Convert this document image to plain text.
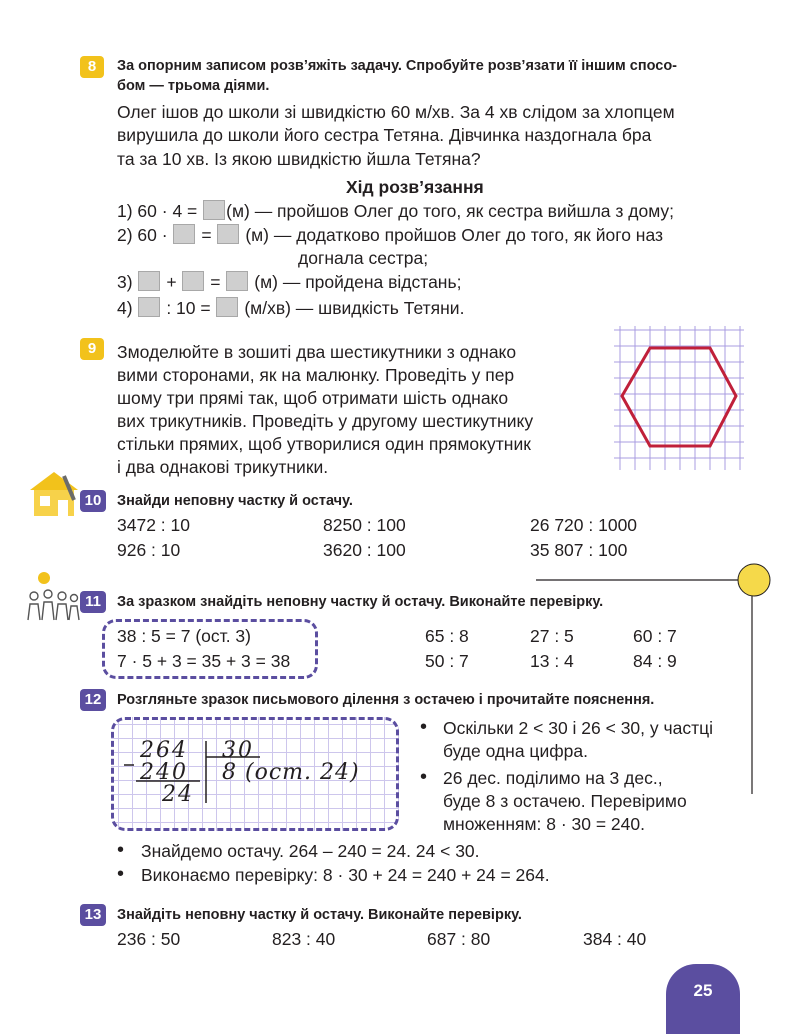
8	За опорним записом розв’яжіть задачу. Спробуйте розв’язати її іншим спосо-
бом — трьома діями.
Олег ішов до школи зі швидкістю 60 м/хв. За 4 хв слідом за хлопцем
вирушила до школи його сестра Тетяна. Дівчинка наздогнала бра
та за 10 хв. Із якою швидкістю йшла Тетяна?
Хід розв’язання
1) 60 · 4 = (м) — пройшов Олег до того, як сестра вийшла з дому;
2) 60 · = (м) — додатково пройшов Олег до того, як його наз
догнала сестра;
3) + = (м) — пройдена відстань;
4) : 10 = (м/хв) — швидкість Тетяни.
9	Змоделюйте в зошиті два шестикутники з однако
вими сторонами, як на малюнку. Проведіть у пер
шому три прямі так, щоб отримати шість однако
вих трикутників. Проведіть у другому шестикутнику
стільки прямих, щоб утворилися один прямокутник
і два однакові трикутники.
10	Знайди неповну частку й остачу.
3472 : 10	8250 : 100	26 720 : 1000
926 : 10	3620 : 100	35 807 : 100
11	За зразком знайдіть неповну частку й остачу. Виконайте перевірку.
38 : 5 = 7 (ост. 3)
7 · 5 + 3 = 35 + 3 = 38
65 : 8	27 : 5	60 : 7
50 : 7	13 : 4	84 : 9
12	Розгляньте зразок письмового ділення з остачею і прочитайте пояснення.
264 30
240 8 (ост. 24)
24
• Оскільки 2 < 30 і 26 < 30, у частці
буде одна цифра.
• 26 дес. поділимо на 3 дес.,
буде 8 з остачею. Перевіримо
множенням: 8 · 30 = 240.
• Знайдемо остачу. 264 – 240 = 24. 24 < 30.
• Виконаємо перевірку: 8 · 30 + 24 = 240 + 24 = 264.
13	Знайдіть неповну частку й остачу. Виконайте перевірку.
236 : 50	823 : 40	687 : 80	384 : 40
25
